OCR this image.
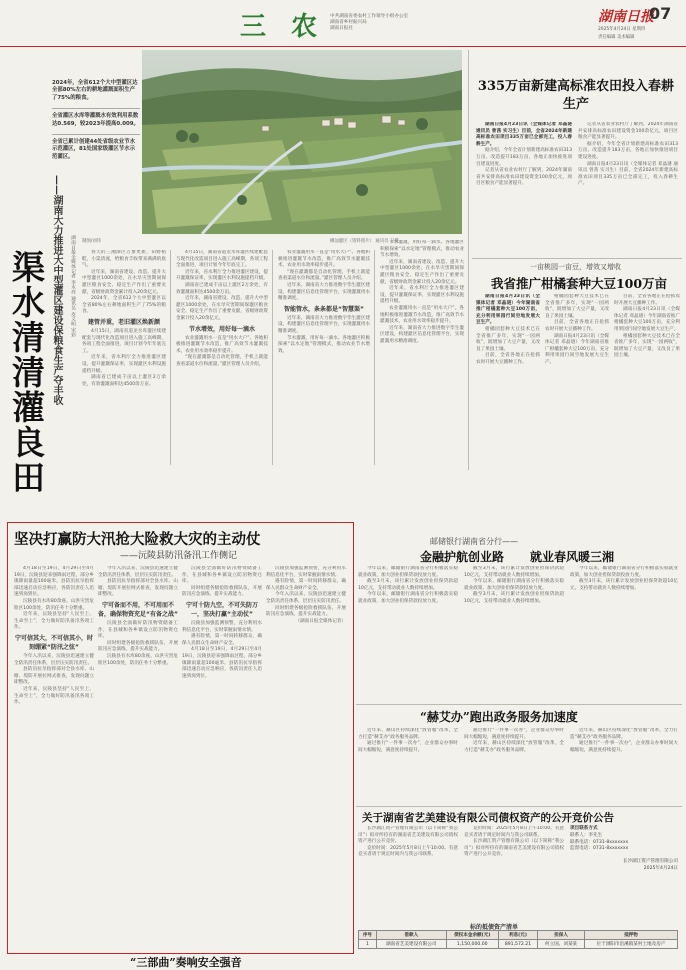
三 农 中共湖南省委农村工作领导小组办公室
湖南省乡村振兴局
湖南日报社
湖南日报
07
2025年4月24日 星期四
责任编辑 美术编辑
2024年，全省612个大中型灌区达全部80%左右的耕地灌溉面积生产了75%的粮食。
全省灌区水库等灌溉水有效利用系数达0.569，较2023年提高0.009。
全省已累计创建44处省级农业节水示范灌区，81处国家级灌区节水示范灌区。
渠水清清灌良田 ——湖南大力推进大中型灌区建设保粮食生产夺丰收	湖南日报全媒体记者 李永亮 通讯员 皮义明 宋彩 制图/刘伟	郴汕灌区（资料照片） 通讯员 卫摄

春天的三湘潭区万象更新，田野稻畦，小渠清流，给粮食丰收带来满满的底气。

近年来，湖南省建设、改造、提升大中型灌区1000余处，在水旱灾害期间保灌区粮食安全、稳定生产作出了重要贡献，省级财政资金累计投入20余亿元。

2024年，全省612个大中型灌区以全省80%左右耕地面积生产了75%的粮食。

建管并重，老旧灌区焕新颜

4月15日，湖南省道龙水库灌区续建配套与现代化改造项目进入施工高峰期，各项工程全面推进，项目计划今年年底完工。

近年来，省水利厅全力推进灌区建设，提升灌溉保证率，实现灌区水利设施提档升级。

湖南省已建成千亩以上灌区2万余处，有效灌溉面积达4500余万亩。

4月15日，湖南省道龙水库灌区续建配套与现代化改造项目进入施工高峰期，各项工程全面推进，项目计划今年年底完工。

近年来，省水利厅全力推进灌区建设，提升灌溉保证率，实现灌区水利设施提档升级。

湖南省已建成千亩以上灌区2万余处，有效灌溉面积达4500余万亩。

近年来，湖南省建设、改造、提升大中型灌区1000余处，在水旱灾害期间保灌区粮食安全、稳定生产作出了重要贡献，省级财政资金累计投入20余亿元。

节水增效，用好每一滴水

农业灌溉用水一直是“用水大户”。各地积极推进灌溉节水改造，推广高效节水灌溉技术，农业用水效率稳步提升。

“现在灌溉都是自动化管理，手机上就能查看渠道水位和流量。”灌区管理人员介绍。

农业灌溉用水一直是“用水大户”。各地积极推进灌溉节水改造，推广高效节水灌溉技术，农业用水效率稳步提升。

“现在灌溉都是自动化管理，手机上就能查看渠道水位和流量。”灌区管理人员介绍。

近年来，湖南省大力推进数字孪生灌区建设，构建灌区信息化管理平台，实现灌溉用水精准调度。

智能管水，条条都是“智慧渠”

近年来，湖南省大力推进数字孪生灌区建设，构建灌区信息化管理平台，实现灌溉用水精准调度。

节水灌溉，用好每一滴水。各地灌区积极探索“以水定地”管理模式，推动农业节水增效。

节水灌溉，用好每一滴水。各地灌区积极探索“以水定地”管理模式，推动农业节水增效。

近年来，湖南省建设、改造、提升大中型灌区1000余处，在水旱灾害期间保灌区粮食安全、稳定生产作出了重要贡献，省级财政资金累计投入20余亿元。

近年来，省水利厅全力推进灌区建设，提升灌溉保证率，实现灌区水利设施提档升级。

农业灌溉用水一直是“用水大户”。各地积极推进灌溉节水改造，推广高效节水灌溉技术，农业用水效率稳步提升。

近年来，湖南省大力推进数字孪生灌区建设，构建灌区信息化管理平台，实现灌溉用水精准调度。

335万亩新建高标准农田投入春耕生产

湖南日报4月23日讯（全媒体记者 邓晶琎 通讯员 曾茜 实习生）目前，全省2024年新建高标准农田项目335万亩已全部完工，投入春耕生产。

据介绍，今年全省计划新建高标准农田313万亩、改造提升183万亩，各地正加快推进项目建设进度。

记者从省农业农村厅了解到，2024年湖南省共安排高标准农田建设资金100余亿元，项目区粮食产能显著提升。

记者从省农业农村厅了解到，2024年湖南省共安排高标准农田建设资金100余亿元，项目区粮食产能显著提升。

据介绍，今年全省计划新建高标准农田313万亩、改造提升183万亩，各地正加快推进项目建设进度。

湖南日报4月23日讯（全媒体记者 邓晶琎 通讯员 曾茜 实习生）目前，全省2024年新建高标准农田项目335万亩已全部完工，投入春耕生产。

一亩桃园一亩豆，增效又增收
我省推广柑橘套种大豆100万亩

湖南日报4月23日讯（全媒体记者 邓晶琎）今年湖南省推广柑橘套种大豆100万亩，充分利用果园行间空地发展大豆生产。

柑橘园套种大豆技术已在全省推广多年，实现“一园两收”，既增加了大豆产量，又改良了果园土壤。

目前，全省各地正在抢抓农时开展大豆播种工作。

柑橘园套种大豆技术已在全省推广多年，实现“一园两收”，既增加了大豆产量，又改良了果园土壤。

目前，全省各地正在抢抓农时开展大豆播种工作。

湖南日报4月23日讯（全媒体记者 邓晶琎）今年湖南省推广柑橘套种大豆100万亩，充分利用果园行间空地发展大豆生产。

目前，全省各地正在抢抓农时开展大豆播种工作。

湖南日报4月23日讯（全媒体记者 邓晶琎）今年湖南省推广柑橘套种大豆100万亩，充分利用果园行间空地发展大豆生产。

柑橘园套种大豆技术已在全省推广多年，实现“一园两收”，既增加了大豆产量，又改良了果园土壤。

坚决打赢防大汛抢大险救大灾的主动仗
——沅陵县防汛备汛工作侧记

4月18日至19日，4月29日至4月19日，沅陵县迎来强降雨过程，部分乡镇降雨量超100毫米。县防汛抗旱指挥部迅速启动应急响应，各防汛责任人迅速到岗到位。

沅陵县有水库80余座、山洪灾害危险区100余处，防汛任务十分繁重。

近年来，沅陵县坚持“人民至上、生命至上”，全力做好防汛备汛各项工作。

宁可信其大，不可信其小，时刻绷紧“防汛之弦”

今年入汛以来，沅陵县迅速建立健全防汛责任体系，层层压实防汛责任。

县防汛抗旱指挥部对全县水库、山塘、堤防开展拉网式排查，发现问题立即整改。

近年来，沅陵县坚持“人民至上、生命至上”，全力做好防汛备汛各项工作。

今年入汛以来，沅陵县迅速建立健全防汛责任体系，层层压实防汛责任。

县防汛抗旱指挥部对全县水库、山塘、堤防开展拉网式排查，发现问题立即整改。

宁可备而不用，不可用而不备，确保物资充足“有备之战”

沅陵县全面做好防汛物资储备工作，在县城和各乡镇设立防汛物资仓库。

同时组建各级抢险救援队伍，开展防汛应急演练，提升实战能力。

沅陵县有水库80余座、山洪灾害危险区100余处，防汛任务十分繁重。

沅陵县全面做好防汛物资储备工作，在县城和各乡镇设立防汛物资仓库。

同时组建各级抢险救援队伍，开展防汛应急演练，提升实战能力。

宁可十防九空，不可失防万一，坚决打赢“主动仗”

沅陵县加强监测预警，充分利用水利信息化平台，实时掌握雨情水情。

遇有险情，第一时间转移群众，确保人民群众生命财产安全。

4月18日至19日，4月29日至4月19日，沅陵县迎来强降雨过程，部分乡镇降雨量超100毫米。县防汛抗旱指挥部迅速启动应急响应，各防汛责任人迅速到岗到位。

沅陵县加强监测预警，充分利用水利信息化平台，实时掌握雨情水情。

遇有险情，第一时间转移群众，确保人民群众生命财产安全。

今年入汛以来，沅陵县迅速建立健全防汛责任体系，层层压实防汛责任。

同时组建各级抢险救援队伍，开展防汛应急演练，提升实战能力。

（湖南日报全媒体记者）

邮储银行湖南省分行——
金融护航创业路 就业春风暖三湘

今年以来，邮储银行湖南省分行积极落实稳就业政策，加大创业担保贷款投放力度。

截至3月末，该行累计发放创业担保贷款超10亿元，支持带动就业人数持续增加。

今年以来，邮储银行湖南省分行积极落实稳就业政策，加大创业担保贷款投放力度。

截至3月末，该行累计发放创业担保贷款超10亿元，支持带动就业人数持续增加。

今年以来，邮储银行湖南省分行积极落实稳就业政策，加大创业担保贷款投放力度。

截至3月末，该行累计发放创业担保贷款超10亿元，支持带动就业人数持续增加。

今年以来，邮储银行湖南省分行积极落实稳就业政策，加大创业担保贷款投放力度。

截至3月末，该行累计发放创业担保贷款超10亿元，支持带动就业人数持续增加。

“赫艾办”跑出政务服务加速度

近年来，赫山区持续深化“放管服”改革，全力打造“赫艾办”政务服务品牌。

通过推行“一件事一次办”，企业群众办事时间大幅缩短，满意度持续提升。

通过推行“一件事一次办”，企业群众办事时间大幅缩短，满意度持续提升。

近年来，赫山区持续深化“放管服”改革，全力打造“赫艾办”政务服务品牌。

近年来，赫山区持续深化“放管服”改革，全力打造“赫艾办”政务服务品牌。

通过推行“一件事一次办”，企业群众办事时间大幅缩短，满意度持续提升。

关于湖南省艺美建设有限公司债权资产的公开竞价公告

长沙湖江资产管理有限公司（以下简称“我公司”）拟对所持有的湖南省艺美建设有限公司债权资产进行公开竞价。

竞价时间：2025年5月8日上午10:00。有意竞买者请于规定时间内与我公司联系。

竞价时间：2025年5月8日上午10:00。有意竞买者请于规定时间内与我公司联系。

长沙湖江资产管理有限公司（以下简称“我公司”）拟对所持有的湖南省艺美建设有限公司债权资产进行公开竞价。

项目联系方式
联系人：李先生
联系电话：0731-8xxxxxxx
监督电话：0731-8xxxxxxx
长沙湖江资产管理有限公司
2025年4月24日
标的抵债资产清单
序号	借款人	债权本金余额(元)	利息(元)	担保人	抵押物
1	湖南省艺美建设有限公司	1,150,000.00	891,572.21	何立国、刘某某	位于浏阳市沿溪镇某村土地及房产
“三部曲”奏响安全强音
